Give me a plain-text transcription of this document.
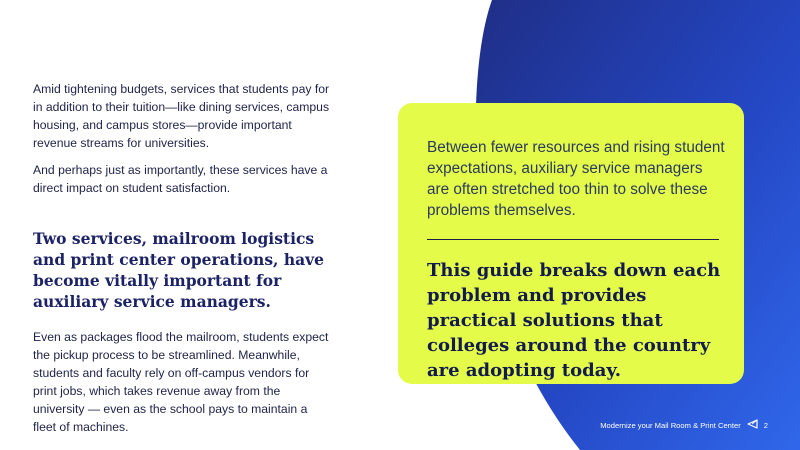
Amid tightening budgets, services that students pay for in addition to their tuition—like dining services, campus housing, and campus stores—provide important revenue streams for universities.

And perhaps just as importantly, these services have a direct impact on student satisfaction.

Two services, mailroom logistics and print center operations, have become vitally important for auxiliary service managers.

Even as packages flood the mailroom, students expect the pickup process to be streamlined. Meanwhile, students and faculty rely on off-campus vendors for print jobs, which takes revenue away from the university — even as the school pays to maintain a fleet of machines.

Between fewer resources and rising student expectations, auxiliary service managers are often stretched too thin to solve these problems themselves.
This guide breaks down each problem and provides practical solutions that colleges around the country are adopting today.
Modernize your Mail Room & Print Center	2
